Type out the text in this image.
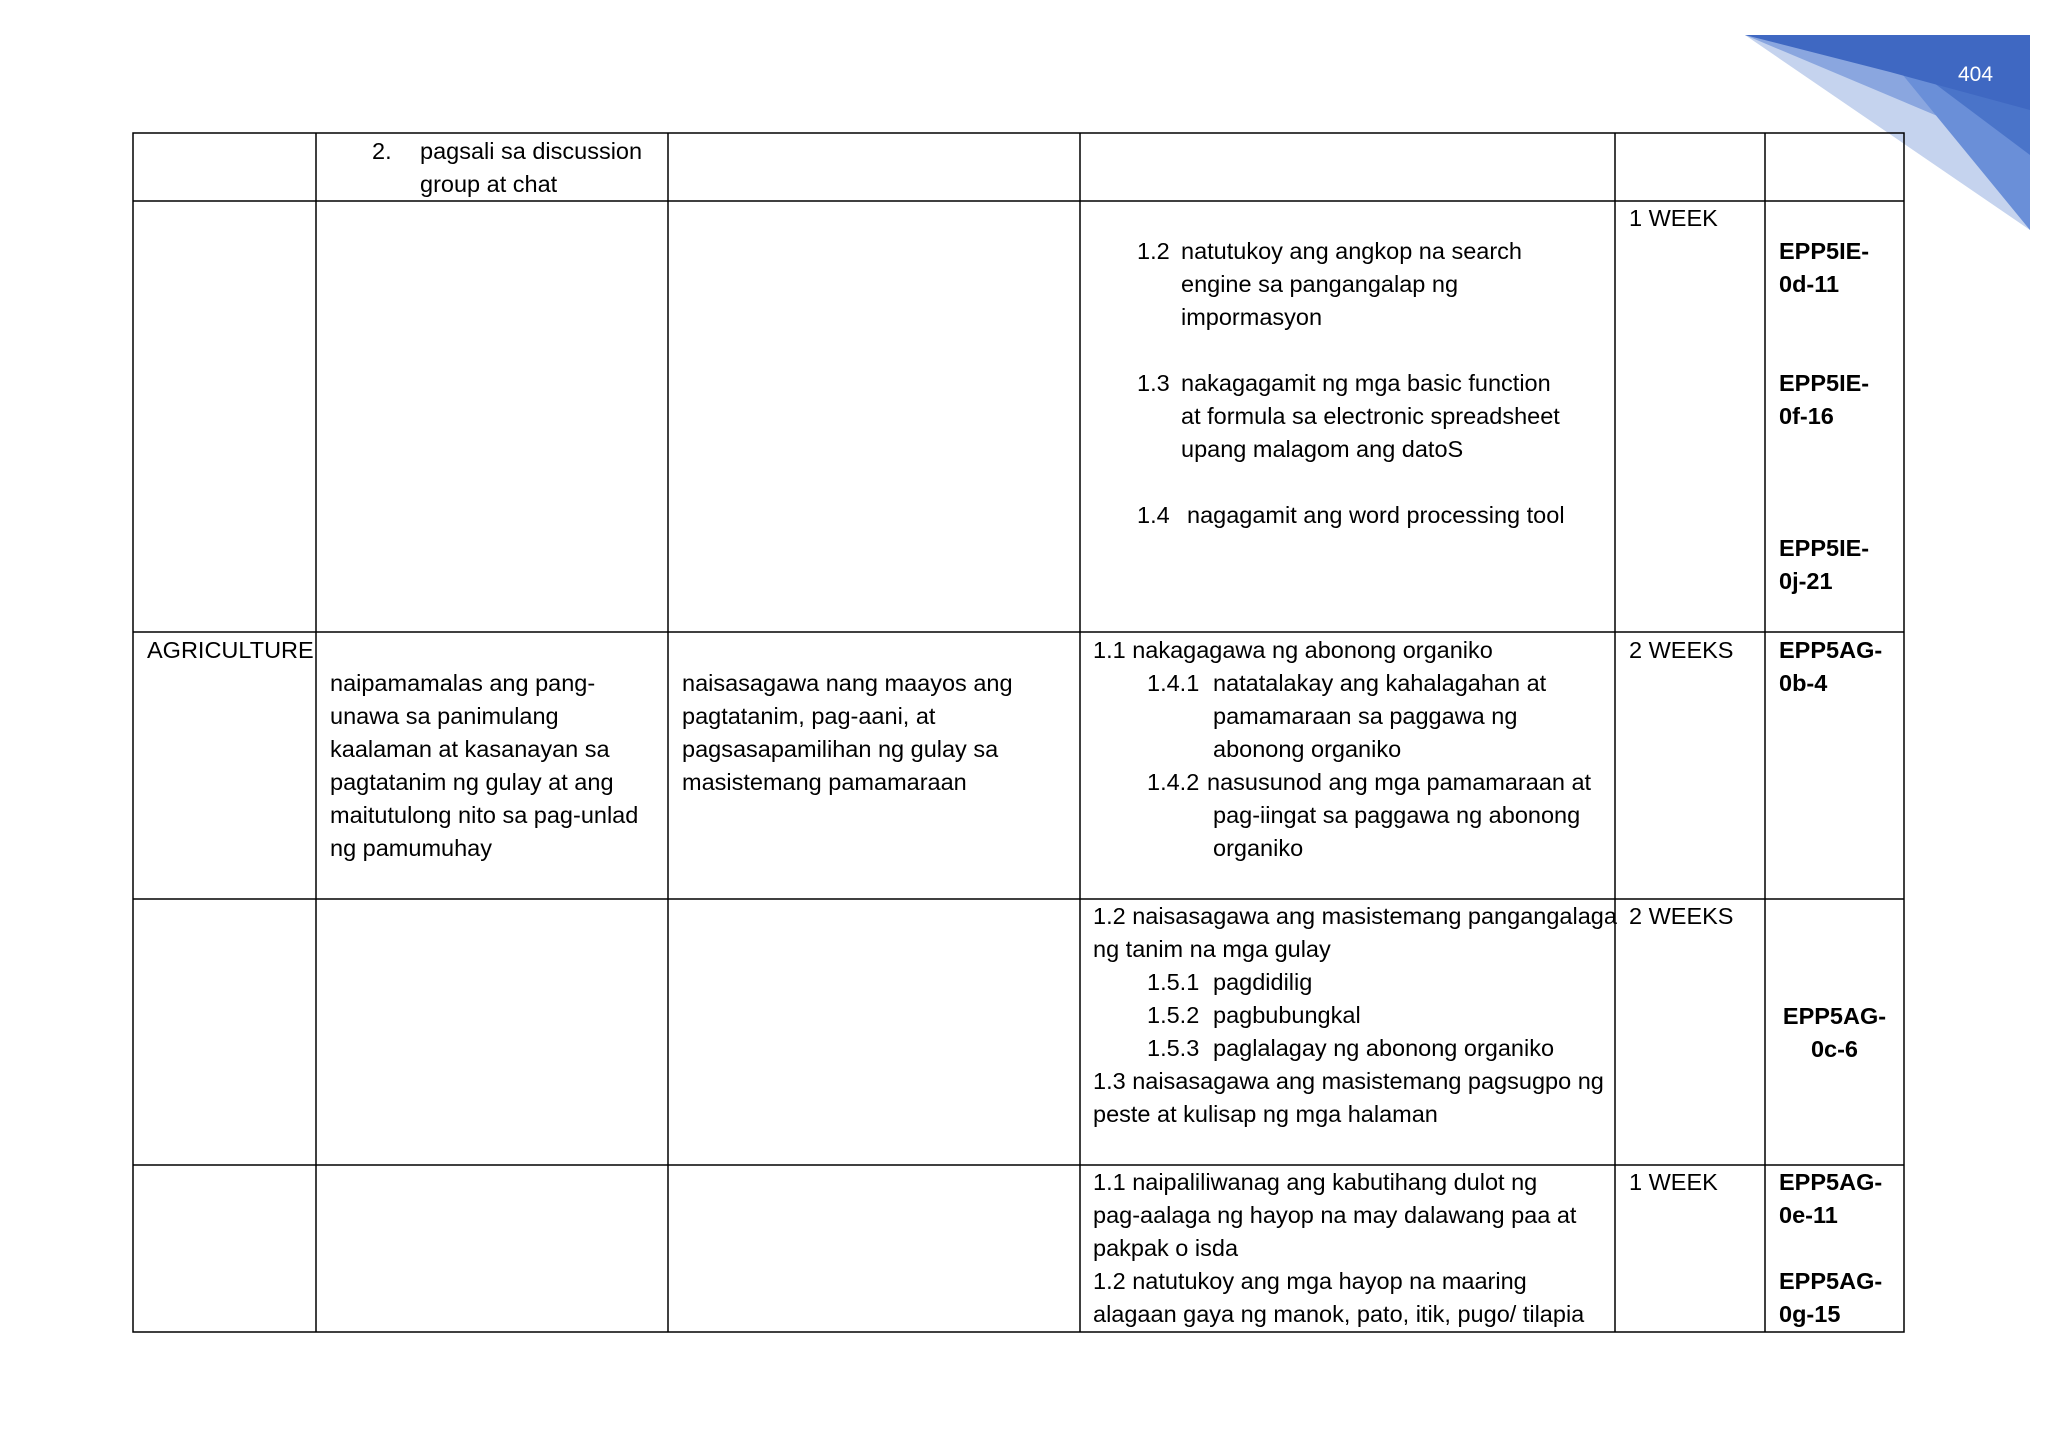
404
2. pagsali sa discussion
group at chat
1.2 natutukoy ang angkop na search
engine sa pangangalap ng
impormasyon
1.3 nakagagamit ng mga basic function
at formula sa electronic spreadsheet
upang malagom ang datoS
1.4 nagagamit ang word processing tool
1 WEEK
EPP5IE-
0d-11
EPP5IE-
0f-16
EPP5IE-
0j-21
AGRICULTURE
naipamamalas ang pang-
unawa sa panimulang
kaalaman at kasanayan sa
pagtatanim ng gulay at ang
maitutulong nito sa pag-unlad
ng pamumuhay
naisasagawa nang maayos ang
pagtatanim, pag-aani, at
pagsasapamilihan ng gulay sa
masistemang pamamaraan
1.1 nakagagawa ng abonong organiko
1.4.1 natatalakay ang kahalagahan at
pamamaraan sa paggawa ng
abonong organiko
1.4.2 nasusunod ang mga pamamaraan at
pag-iingat sa paggawa ng abonong
organiko
2 WEEKS EPP5AG-
0b-4
1.2 naisasagawa ang masistemang pangangalaga
ng tanim na mga gulay
1.5.1 pagdidilig
1.5.2 pagbubungkal
1.5.3 paglalagay ng abonong organiko
1.3 naisasagawa ang masistemang pagsugpo ng
peste at kulisap ng mga halaman
2 WEEKS
EPP5AG-
0c-6
1.1 naipaliliwanag ang kabutihang dulot ng
pag-aalaga ng hayop na may dalawang paa at
pakpak o isda
1.2 natutukoy ang mga hayop na maaring
alagaan gaya ng manok, pato, itik, pugo/ tilapia
1 WEEK	EPP5AG-
0e-11
EPP5AG-
0g-15
